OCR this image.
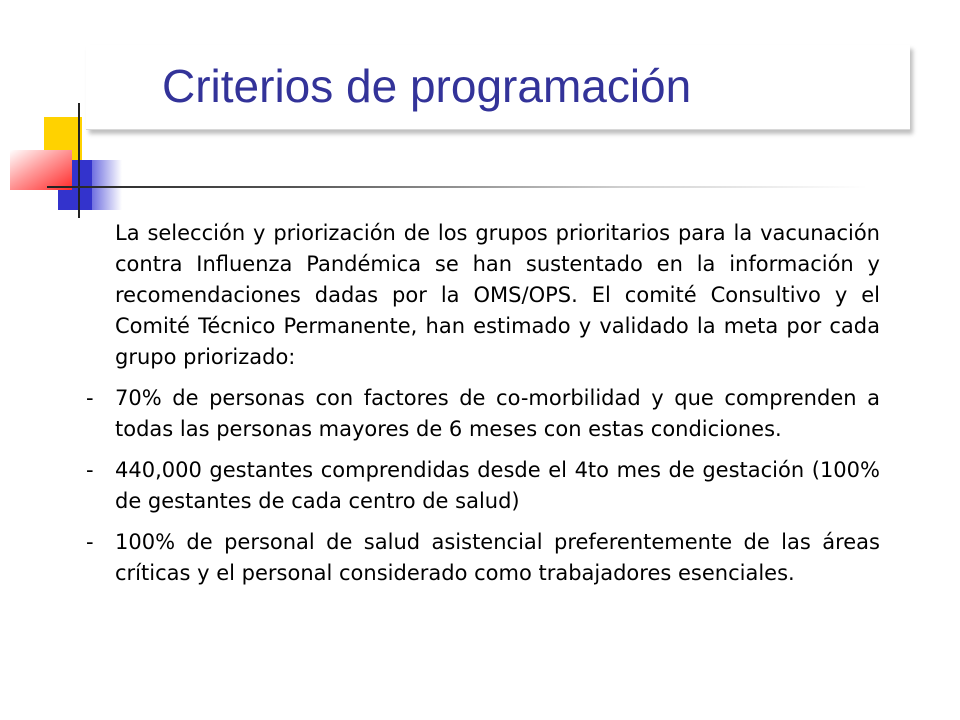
Criterios de programación

La selección y priorización de los grupos prioritarios para la vacunación contra Influenza Pandémica se han sustentado en la información y recomendaciones dadas por la OMS/OPS. El comité Consultivo y el Comité Técnico Permanente, han estimado y validado la meta por cada grupo priorizado:

- 70% de personas con factores de co-morbilidad y que comprenden a todas las personas mayores de 6 meses con estas condiciones.
- 440,000 gestantes comprendidas desde el 4to mes de gestación (100% de gestantes de cada centro de salud)
- 100% de personal de salud asistencial preferentemente de las áreas críticas y el personal considerado como trabajadores esenciales.
